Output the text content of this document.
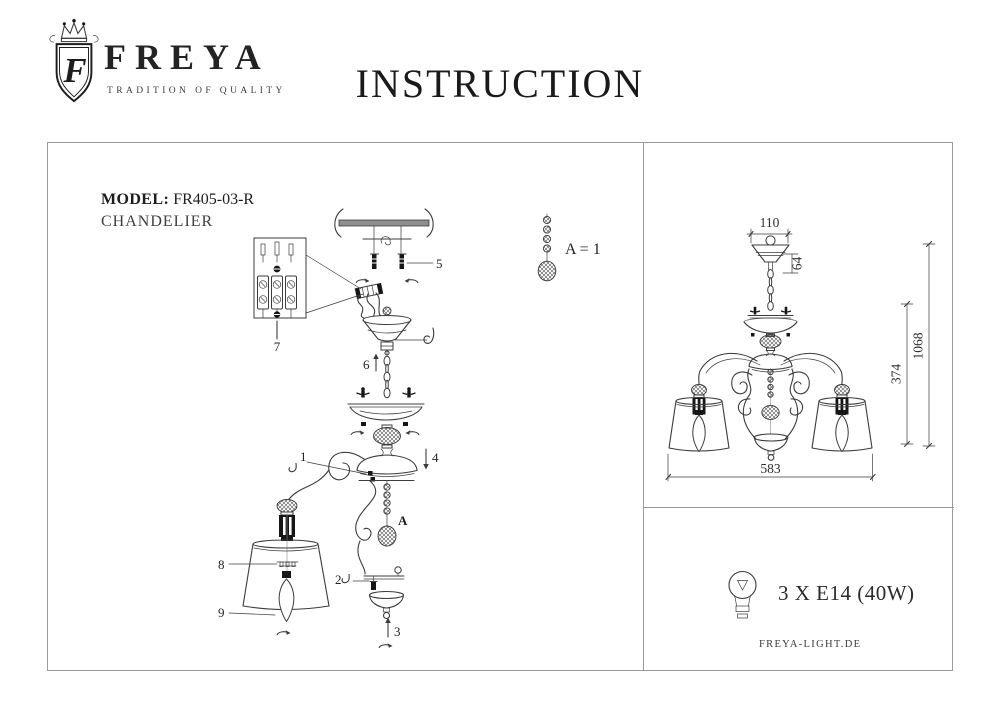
F FREYA
TRADITION OF QUALITY	INSTRUCTION
MODEL: FR405-03-R
CHANDELIER
5
6
1	4
A
8
9
2
3
7
A = 1
110
64
583
374
1068
3 X E14 (40W)
FREYA-LIGHT.DE
